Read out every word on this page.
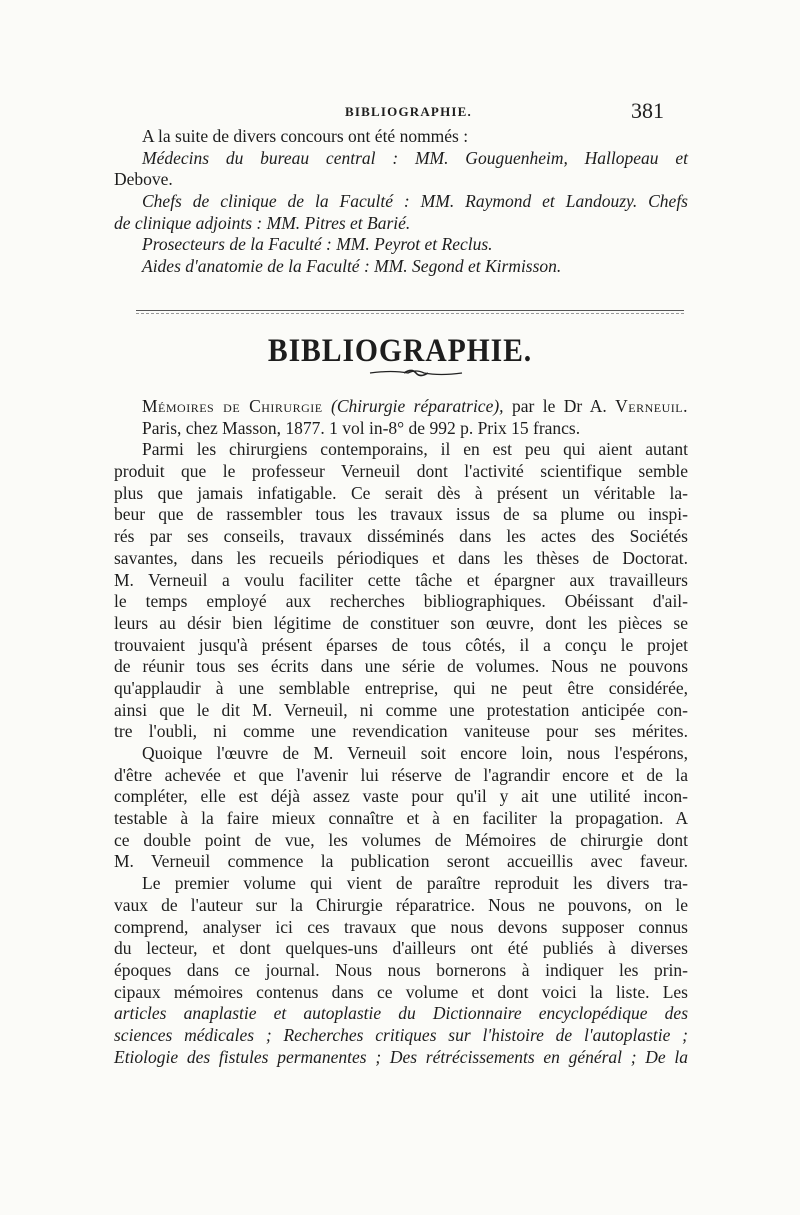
BIBLIOGRAPHIE.	381
A la suite de divers concours ont été nommés :
Médecins du bureau central : MM. Gouguenheim, Hallopeau et
Debove.
Chefs de clinique de la Faculté : MM. Raymond et Landouzy. Chefs
de clinique adjoints : MM. Pitres et Barié.
Prosecteurs de la Faculté : MM. Peyrot et Reclus.
Aides d'anatomie de la Faculté : MM. Segond et Kirmisson.
BIBLIOGRAPHIE.
Mémoires de Chirurgie (Chirurgie réparatrice), par le Dr A. Verneuil.
Paris, chez Masson, 1877. 1 vol in-8° de 992 p. Prix 15 francs.
Parmi les chirurgiens contemporains, il en est peu qui aient autant
produit que le professeur Verneuil dont l'activité scientifique semble
plus que jamais infatigable. Ce serait dès à présent un véritable la-
beur que de rassembler tous les travaux issus de sa plume ou inspi-
rés par ses conseils, travaux disséminés dans les actes des Sociétés
savantes, dans les recueils périodiques et dans les thèses de Doctorat.
M. Verneuil a voulu faciliter cette tâche et épargner aux travailleurs
le temps employé aux recherches bibliographiques. Obéissant d'ail-
leurs au désir bien légitime de constituer son œuvre, dont les pièces se
trouvaient jusqu'à présent éparses de tous côtés, il a conçu le projet
de réunir tous ses écrits dans une série de volumes. Nous ne pouvons
qu'applaudir à une semblable entreprise, qui ne peut être considérée,
ainsi que le dit M. Verneuil, ni comme une protestation anticipée con-
tre l'oubli, ni comme une revendication vaniteuse pour ses mérites.
Quoique l'œuvre de M. Verneuil soit encore loin, nous l'espérons,
d'être achevée et que l'avenir lui réserve de l'agrandir encore et de la
compléter, elle est déjà assez vaste pour qu'il y ait une utilité incon-
testable à la faire mieux connaître et à en faciliter la propagation. A
ce double point de vue, les volumes de Mémoires de chirurgie dont
M. Verneuil commence la publication seront accueillis avec faveur.
Le premier volume qui vient de paraître reproduit les divers tra-
vaux de l'auteur sur la Chirurgie réparatrice. Nous ne pouvons, on le
comprend, analyser ici ces travaux que nous devons supposer connus
du lecteur, et dont quelques-uns d'ailleurs ont été publiés à diverses
époques dans ce journal. Nous nous bornerons à indiquer les prin-
cipaux mémoires contenus dans ce volume et dont voici la liste. Les
articles anaplastie et autoplastie du Dictionnaire encyclopédique des
sciences médicales ; Recherches critiques sur l'histoire de l'autoplastie ;
Etiologie des fistules permanentes ; Des rétrécissements en général ; De la
